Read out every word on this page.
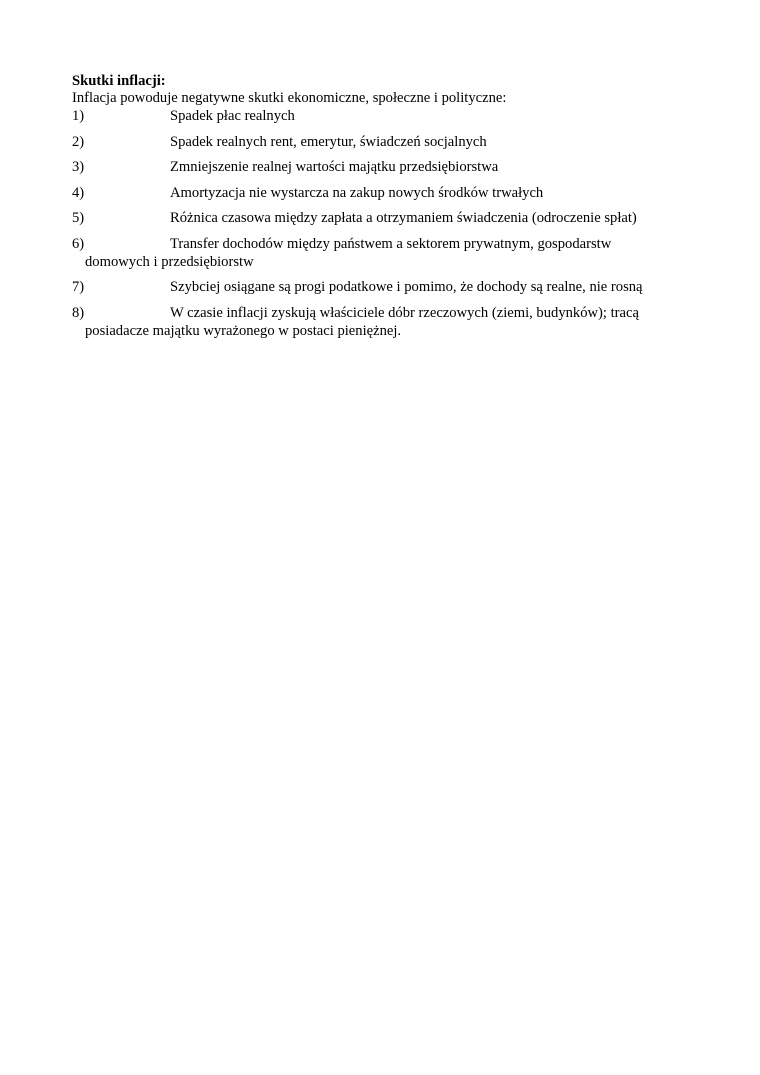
Skutki inflacji:
Inflacja powoduje negatywne skutki ekonomiczne, społeczne i polityczne:
1)	Spadek płac realnych
2)	Spadek realnych rent, emerytur, świadczeń socjalnych
3)	Zmniejszenie realnej wartości majątku przedsiębiorstwa
4)	Amortyzacja nie wystarcza na zakup nowych środków trwałych
5)	Różnica czasowa między zapłata a otrzymaniem świadczenia (odroczenie spłat)
6)	Transfer dochodów między państwem a sektorem prywatnym, gospodarstw
domowych i przedsiębiorstw
7)	Szybciej osiągane są progi podatkowe i pomimo, że dochody są realne, nie rosną
8)	W czasie inflacji zyskują właściciele dóbr rzeczowych (ziemi, budynków); tracą
posiadacze majątku wyrażonego w postaci pieniężnej.
